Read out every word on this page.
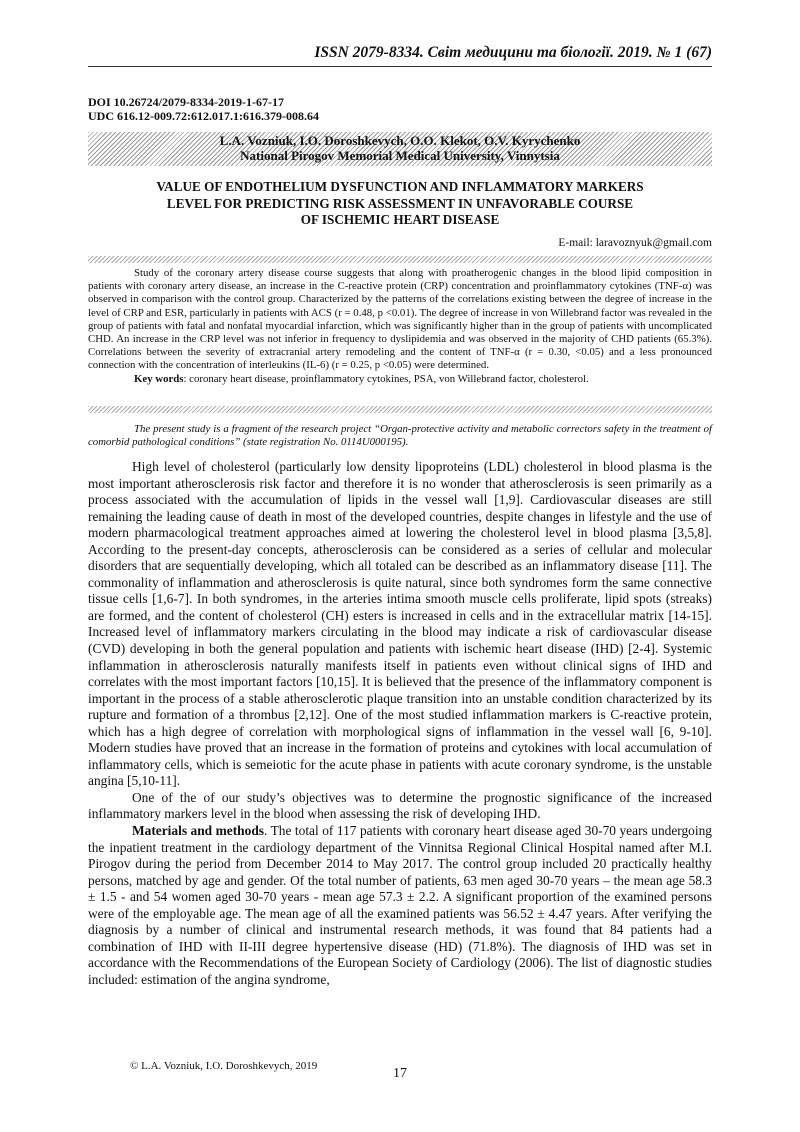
ISSN 2079-8334. Світ медицини та біології. 2019. № 1 (67)
DOI 10.26724/2079-8334-2019-1-67-17
UDC 616.12-009.72:612.017.1:616.379-008.64
L.A. Vozniuk, I.O. Doroshkevych, O.O. Klekot, O.V. Kyrychenko
National Pirogov Memorial Medical University, Vinnytsia
VALUE OF ENDOTHELIUM DYSFUNCTION AND INFLAMMATORY MARKERS
LEVEL FOR PREDICTING RISK ASSESSMENT IN UNFAVORABLE COURSE
OF ISCHEMIC HEART DISEASE
E-mail: laravoznyuk@gmail.com

Study of the coronary artery disease course suggests that along with proatherogenic changes in the blood lipid composition in patients with coronary artery disease, an increase in the C-reactive protein (CRP) concentration and proinflammatory cytokines (TNF-α) was observed in comparison with the control group. Characterized by the patterns of the correlations existing between the degree of increase in the level of CRP and ESR, particularly in patients with ACS (r = 0.48, p <0.01). The degree of increase in von Willebrand factor was revealed in the group of patients with fatal and nonfatal myocardial infarction, which was significantly higher than in the group of patients with uncomplicated CHD. An increase in the CRP level was not inferior in frequency to dyslipidemia and was observed in the majority of CHD patients (65.3%). Correlations between the severity of extracranial artery remodeling and the content of TNF-α (r = 0.30, <0.05) and a less pronounced connection with the concentration of interleukins (IL-6) (r = 0.25, p <0.05) were determined.

Key words: coronary heart disease, proinflammatory cytokines, PSA, von Willebrand factor, cholesterol.

The present study is a fragment of the research project “Organ-protective activity and metabolic correctors safety in the treatment of comorbid pathological conditions” (state registration No. 0114U000195).

High level of cholesterol (particularly low density lipoproteins (LDL) cholesterol in blood plasma is the most important atherosclerosis risk factor and therefore it is no wonder that atherosclerosis is seen primarily as a process associated with the accumulation of lipids in the vessel wall [1,9]. Cardiovascular diseases are still remaining the leading cause of death in most of the developed countries, despite changes in lifestyle and the use of modern pharmacological treatment approaches aimed at lowering the cholesterol level in blood plasma [3,5,8]. According to the present-day concepts, atherosclerosis can be considered as a series of cellular and molecular disorders that are sequentially developing, which all totaled can be described as an inflammatory disease [11]. The commonality of inflammation and atherosclerosis is quite natural, since both syndromes form the same connective tissue cells [1,6-7]. In both syndromes, in the arteries intima smooth muscle cells proliferate, lipid spots (streaks) are formed, and the content of cholesterol (CH) esters is increased in cells and in the extracellular matrix [14-15]. Increased level of inflammatory markers circulating in the blood may indicate a risk of cardiovascular disease (CVD) developing in both the general population and patients with ischemic heart disease (IHD) [2-4]. Systemic inflammation in atherosclerosis naturally manifests itself in patients even without clinical signs of IHD and correlates with the most important factors [10,15]. It is believed that the presence of the inflammatory component is important in the process of a stable atherosclerotic plaque transition into an unstable condition characterized by its rupture and formation of a thrombus [2,12]. One of the most studied inflammation markers is C-reactive protein, which has a high degree of correlation with morphological signs of inflammation in the vessel wall [6, 9-10]. Modern studies have proved that an increase in the formation of proteins and cytokines with local accumulation of inflammatory cells, which is semeiotic for the acute phase in patients with acute coronary syndrome, is the unstable angina [5,10-11].

One of the of our study’s objectives was to determine the prognostic significance of the increased inflammatory markers level in the blood when assessing the risk of developing IHD.

Materials and methods. The total of 117 patients with coronary heart disease aged 30-70 years undergoing the inpatient treatment in the cardiology department of the Vinnitsa Regional Clinical Hospital named after M.I. Pirogov during the period from December 2014 to May 2017. The control group included 20 practically healthy persons, matched by age and gender. Of the total number of patients, 63 men aged 30-70 years – the mean age 58.3 ± 1.5 - and 54 women aged 30-70 years - mean age 57.3 ± 2.2. A significant proportion of the examined persons were of the employable age. The mean age of all the examined patients was 56.52 ± 4.47 years. After verifying the diagnosis by a number of clinical and instrumental research methods, it was found that 84 patients had a combination of IHD with II-III degree hypertensive disease (HD) (71.8%). The diagnosis of IHD was set in accordance with the Recommendations of the European Society of Cardiology (2006). The list of diagnostic studies included: estimation of the angina syndrome,

© L.A. Vozniuk, I.O. Doroshkevych, 2019	17
